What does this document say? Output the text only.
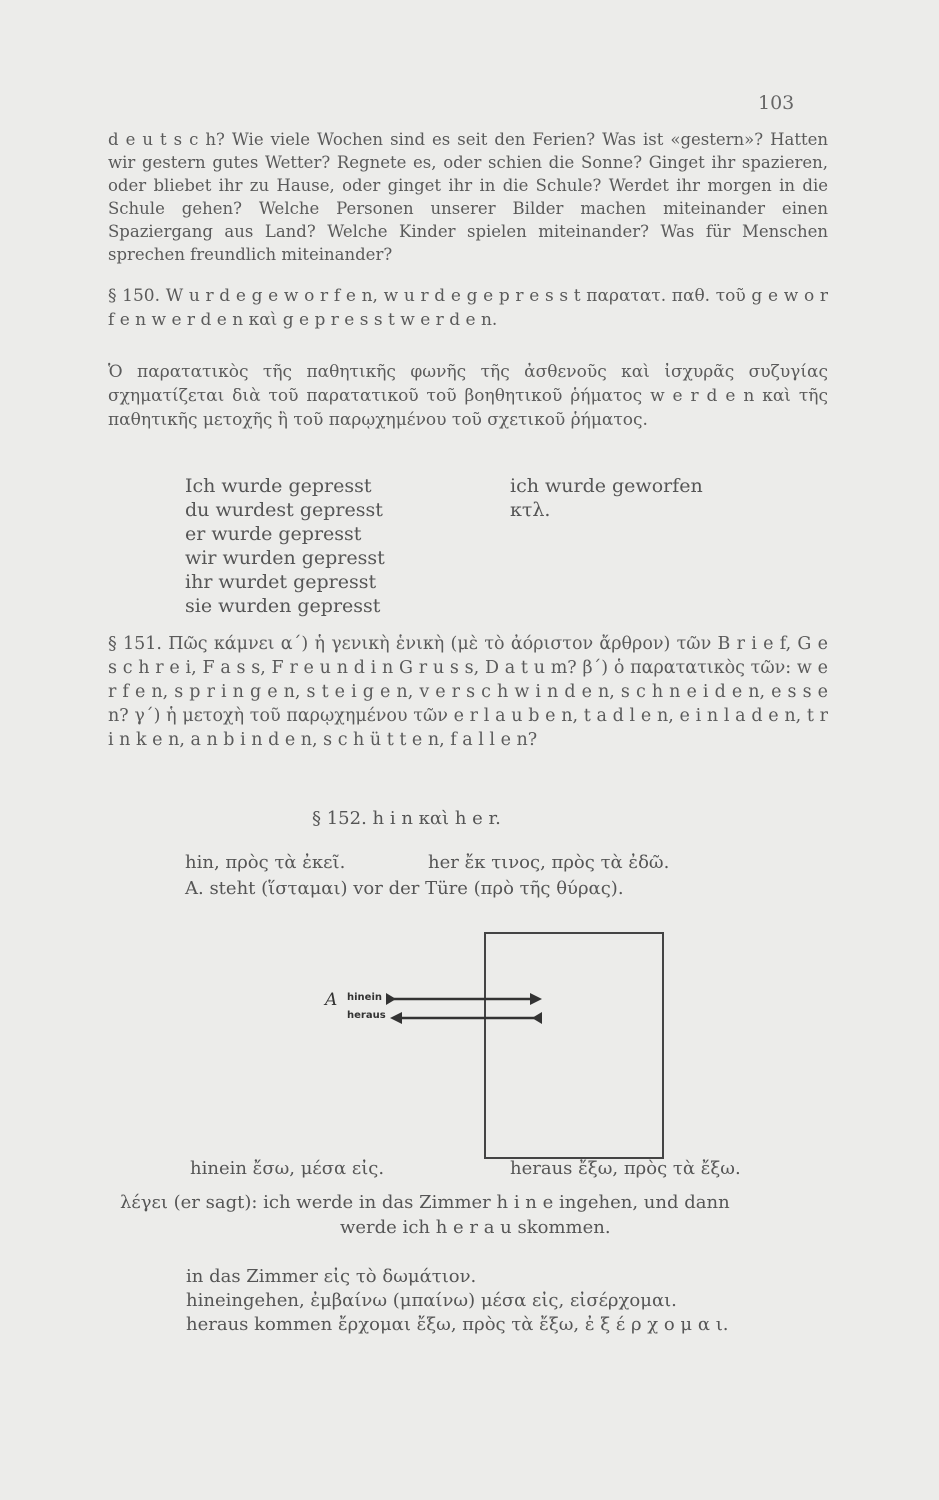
103

d e u t s c h? Wie viele Wochen sind es seit den Ferien? Was ist «gestern»? Hatten wir gestern gutes Wetter? Regnete es, oder schien die Sonne? Ginget ihr spazieren, oder bliebet ihr zu Hause, oder ginget ihr in die Schule? Werdet ihr morgen in die Schule gehen? Welche Personen unserer Bilder machen miteinander einen Spaziergang aus Land? Welche Kinder spielen miteinander? Was für Menschen sprechen freundlich miteinander?

§ 150. W u r d e g e w o r f e n, w u r d e g e p r e s s t παρατατ. παθ. τοῦ g e w o r f e n w e r d e n καὶ g e p r e s s t w e r d e n.

Ὁ παρατατικὸς τῆς παθητικῆς φωνῆς τῆς ἀσθενοῦς καὶ ἰσχυρᾶς συζυγίας σχηματίζεται διὰ τοῦ παρατατικοῦ τοῦ βοηθητικοῦ ῥήματος w e r d e n καὶ τῆς παθητικῆς μετοχῆς ἢ τοῦ παρῳχημένου τοῦ σχετικοῦ ῥήματος.

Ich wurde gepresst
du wurdest gepresst
er wurde gepresst
wir wurden gepresst
ihr wurdet gepresst
sie wurden gepresst
ich wurde geworfen
κτλ.

§ 151. Πῶς κάμνει α΄) ἡ γενικὴ ἑνικὴ (μὲ τὸ ἀόριστον ἄρθρον) τῶν B r i e f, G e s c h r e i, F a s s, F r e u n d i n G r u s s, D a t u m? β΄) ὁ παρατατικὸς τῶν: w e r f e n, s p r i n g e n, s t e i g e n, v e r s c h w i n d e n, s c h n e i d e n, e s s e n? γ΄) ἡ μετοχὴ τοῦ παρῳχημένου τῶν e r l a u b e n, t a d l e n, e i n l a d e n, t r i n k e n, a n b i n d e n, s c h ü t t e n, f a l l e n?

§ 152. h i n καὶ h e r.
hin, πρὸς τὰ ἐκεῖ.	her ἔκ τινος, πρὸς τὰ ἐδῶ.
A. steht (ἵσταμαι) vor der Türe (πρὸ τῆς θύρας).
A hinein
heraus
hinein ἔσω, μέσα εἰς.	heraus ἔξω, πρὸς τὰ ἔξω.
λέγει (er sagt): ich werde in das Zimmer h i n e ingehen, und dann
werde ich h e r a u skommen.
in das Zimmer εἰς τὸ δωμάτιον.
hineingehen, ἐμβαίνω (μπαίνω) μέσα εἰς, εἰσέρχομαι.
heraus kommen ἔρχομαι ἔξω, πρὸς τὰ ἔξω, ἐ ξ έ ρ χ ο μ α ι.
